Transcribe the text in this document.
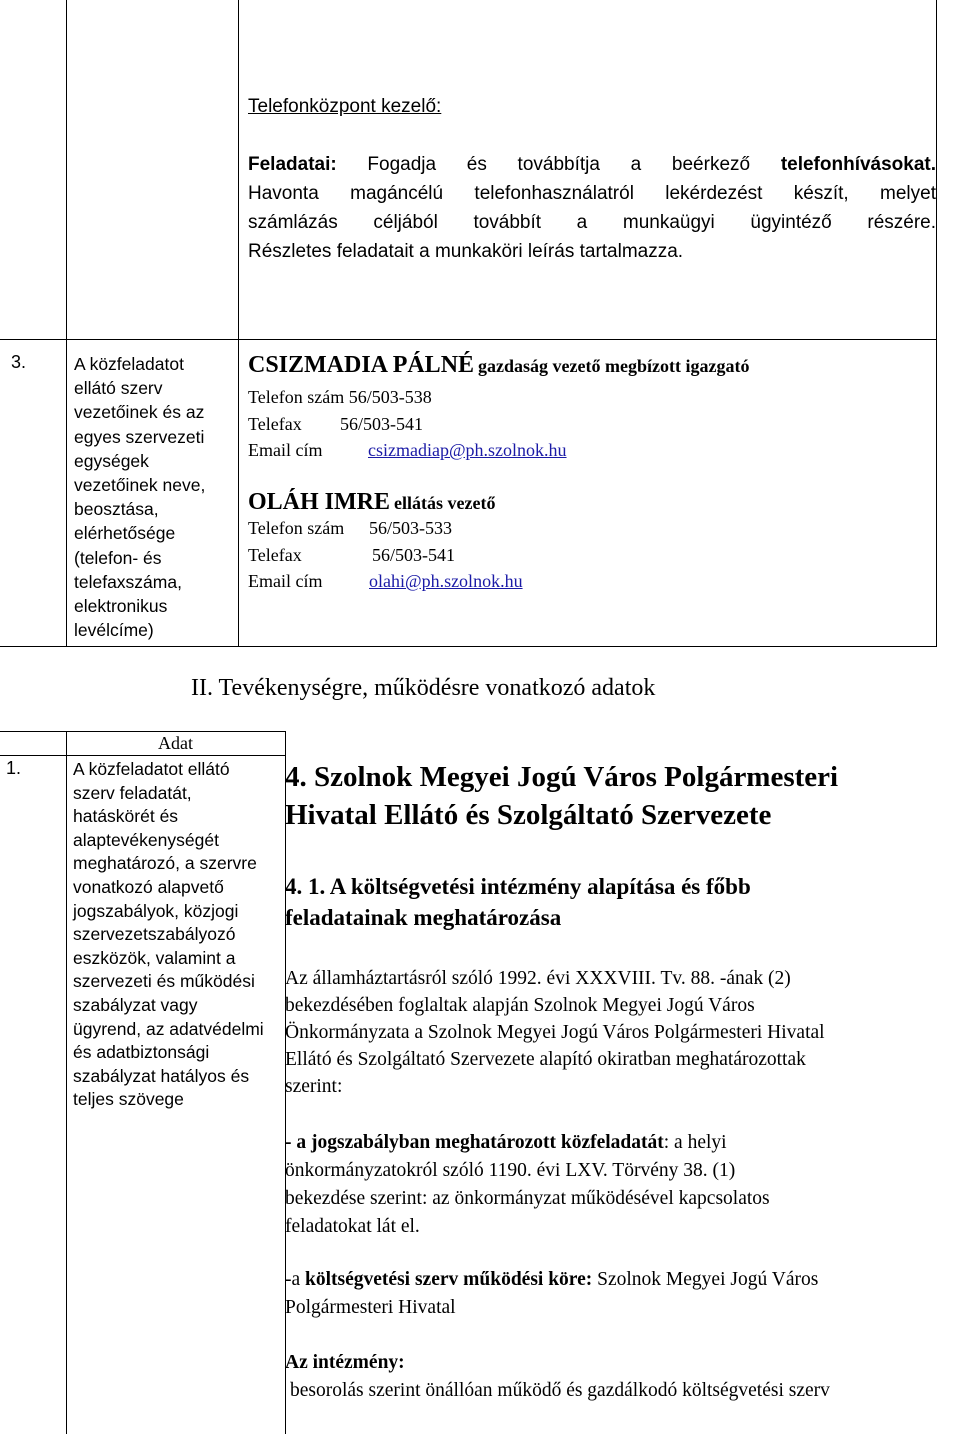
Telefonközpont kezelő:
Feladatai: Fogadja és továbbítja a beérkező telefonhívásokat.
Havonta magáncélú telefonhasználatról lekérdezést készít, melyet
számlázás céljából továbbít a munkaügyi ügyintéző részére.
Részletes feladatait a munkaköri leírás tartalmazza.
3.	A közfeladatot
ellátó szerv
vezetőinek és az
egyes szervezeti
egységek
vezetőinek neve,
beosztása,
elérhetősége
(telefon- és
telefaxszáma,
elektronikus
levélcíme)
CSIZMADIA PÁLNÉ gazdaság vezető megbízott igazgató
Telefon szám 56/503-538
Telefax 56/503-541
Email cím	csizmadiap@ph.szolnok.hu
OLÁH IMRE ellátás vezető
Telefon szám 56/503-533
Telefax	56/503-541
Email cím	olahi@ph.szolnok.hu
II. Tevékenységre, működésre vonatkozó adatok
Adat
1.	A közfeladatot ellátó
szerv feladatát,
hatáskörét és
alaptevékenységét
meghatározó, a szervre
vonatkozó alapvető
jogszabályok, közjogi
szervezetszabályozó
eszközök, valamint a
szervezeti és működési
szabályzat vagy
ügyrend, az adatvédelmi
és adatbiztonsági
szabályzat hatályos és
teljes szövege
4. Szolnok Megyei Jogú Város Polgármesteri
Hivatal Ellátó és Szolgáltató Szervezete
4. 1. A költségvetési intézmény alapítása és főbb
feladatainak meghatározása
Az államháztartásról szóló 1992. évi XXXVIII. Tv. 88. -ának (2)
bekezdésében foglaltak alapján Szolnok Megyei Jogú Város
Önkormányzata a Szolnok Megyei Jogú Város Polgármesteri Hivatal
Ellátó és Szolgáltató Szervezete alapító okiratban meghatározottak
szerint:
- a jogszabályban meghatározott közfeladatát: a helyi
önkormányzatokról szóló 1190. évi LXV. Törvény 38. (1)
bekezdése szerint: az önkormányzat működésével kapcsolatos
feladatokat lát el.
-a költségvetési szerv működési köre: Szolnok Megyei Jogú Város
Polgármesteri Hivatal
Az intézmény:
besorolás szerint önállóan működő és gazdálkodó költségvetési szerv
